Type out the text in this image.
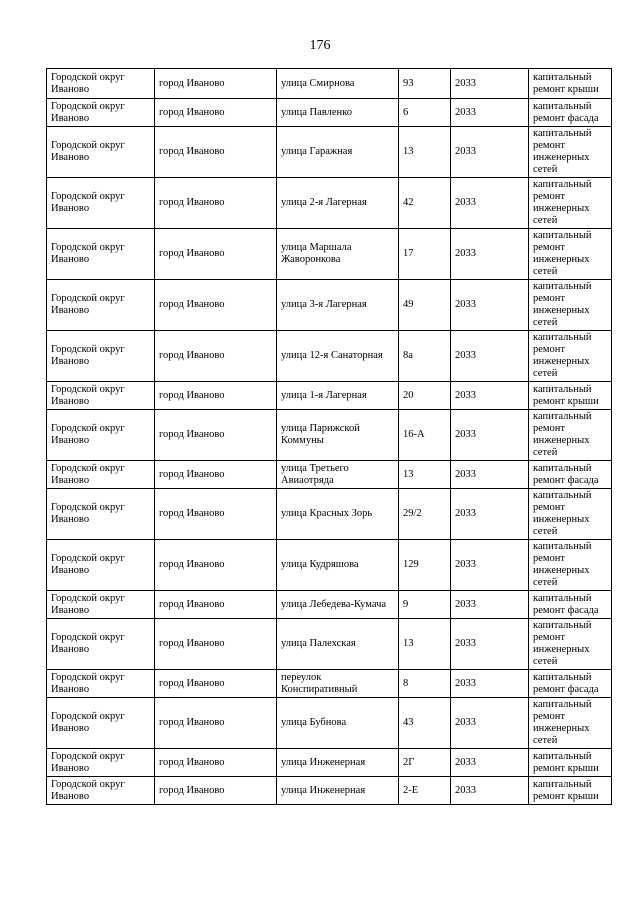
176
Городской округ Иваново	город Иваново	улица Смирнова	93	2033	капитальный ремонт крыши
Городской округ Иваново	город Иваново	улица Павленко	6	2033	капитальный ремонт фасада
Городской округ Иваново	город Иваново	улица Гаражная	13	2033	капитальный ремонт инженерных сетей
Городской округ Иваново	город Иваново	улица 2-я Лагерная	42	2033	капитальный ремонт инженерных сетей
Городской округ Иваново	город Иваново	улица Маршала Жаворонкова	17	2033	капитальный ремонт инженерных сетей
Городской округ Иваново	город Иваново	улица 3-я Лагерная	49	2033	капитальный ремонт инженерных сетей
Городской округ Иваново	город Иваново	улица 12-я Санаторная	8а	2033	капитальный ремонт инженерных сетей
Городской округ Иваново	город Иваново	улица 1-я Лагерная	20	2033	капитальный ремонт крыши
Городской округ Иваново	город Иваново	улица Парижской Коммуны	16-А	2033	капитальный ремонт инженерных сетей
Городской округ Иваново	город Иваново	улица Третьего Авиаотряда	13	2033	капитальный ремонт фасада
Городской округ Иваново	город Иваново	улица Красных Зорь	29/2	2033	капитальный ремонт инженерных сетей
Городской округ Иваново	город Иваново	улица Кудряшова	129	2033	капитальный ремонт инженерных сетей
Городской округ Иваново	город Иваново	улица Лебедева-Кумача	9	2033	капитальный ремонт фасада
Городской округ Иваново	город Иваново	улица Палехская	13	2033	капитальный ремонт инженерных сетей
Городской округ Иваново	город Иваново	переулок Конспиративный	8	2033	капитальный ремонт фасада
Городской округ Иваново	город Иваново	улица Бубнова	43	2033	капитальный ремонт инженерных сетей
Городской округ Иваново	город Иваново	улица Инженерная	2Г	2033	капитальный ремонт крыши
Городской округ Иваново	город Иваново	улица Инженерная	2-Е	2033	капитальный ремонт крыши
